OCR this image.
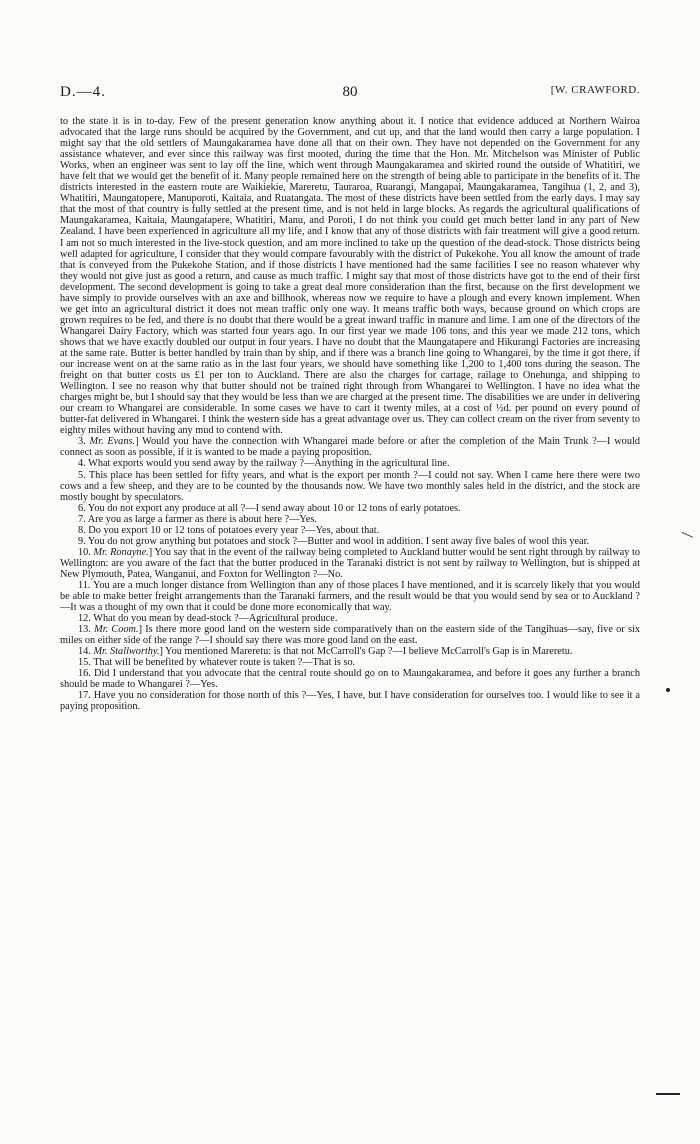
D.—4.	80	[W. CRAWFORD.

to the state it is in to-day. Few of the present generation know anything about it. I notice that evidence adduced at Northern Wairoa advocated that the large runs should be acquired by the Government, and cut up, and that the land would then carry a large population. I might say that the old settlers of Maungakaramea have done all that on their own. They have not depended on the Government for any assistance whatever, and ever since this railway was first mooted, during the time that the Hon. Mr. Mitchelson was Minister of Public Works, when an engineer was sent to lay off the line, which went through Maungakaramea and skirted round the outside of Whatitiri, we have felt that we would get the benefit of it. Many people remained here on the strength of being able to participate in the benefits of it. The districts interested in the eastern route are Waikiekie, Mareretu, Tauraroa, Ruarangi, Mangapai, Maungakaramea, Tangihua (1, 2, and 3), Whatitiri, Maungatopere, Manuporoti, Kaitaia, and Ruatangata. The most of these districts have been settled from the early days. I may say that the most of that country is fully settled at the present time, and is not held in large blocks. As regards the agricultural qualifications of Maungakaramea, Kaitaia, Maungatapere, Whatitiri, Manu, and Poroti, I do not think you could get much better land in any part of New Zealand. I have been experienced in agriculture all my life, and I know that any of those districts with fair treatment will give a good return. I am not so much interested in the live-stock question, and am more inclined to take up the question of the dead-stock. Those districts being well adapted for agriculture, I consider that they would compare favourably with the district of Pukekohe. You all know the amount of trade that is conveyed from the Pukekohe Station, and if those districts I have mentioned had the same facilities I see no reason whatever why they would not give just as good a return, and cause as much traffic. I might say that most of those districts have got to the end of their first development. The second development is going to take a great deal more consideration than the first, because on the first development we have simply to provide ourselves with an axe and billhook, whereas now we require to have a plough and every known implement. When we get into an agricultural district it does not mean traffic only one way. It means traffic both ways, because ground on which crops are grown requires to be fed, and there is no doubt that there would be a great inward traffic in manure and lime. I am one of the directors of the Whangarei Dairy Factory, which was started four years ago. In our first year we made 106 tons, and this year we made 212 tons, which shows that we have exactly doubled our output in four years. I have no doubt that the Maungatapere and Hikurangi Factories are increasing at the same rate. Butter is better handled by train than by ship, and if there was a branch line going to Whangarei, by the time it got there, if our increase went on at the same ratio as in the last four years, we should have something like 1,200 to 1,400 tons during the season. The freight on that butter costs us £1 per ton to Auckland. There are also the charges for cartage, railage to Onehunga, and shipping to Wellington. I see no reason why that butter should not be trained right through from Whangarei to Wellington. I have no idea what the charges might be, but I should say that they would be less than we are charged at the present time. The disabilities we are under in delivering our cream to Whangarei are considerable. In some cases we have to cart it twenty miles, at a cost of ½d. per pound on every pound of butter-fat delivered in Whangarei. I think the western side has a great advantage over us. They can collect cream on the river from seventy to eighty miles without having any mud to contend with.

3. Mr. Evans.] Would you have the connection with Whangarei made before or after the completion of the Main Trunk ?—I would connect as soon as possible, if it is wanted to be made a paying proposition.

4. What exports would you send away by the railway ?—Anything in the agricultural line.

5. This place has been settled for fifty years, and what is the export per month ?—I could not say. When I came here there were two cows and a few sheep, and they are to be counted by the thousands now. We have two monthly sales held in the district, and the stock are mostly bought by speculators.

6. You do not export any produce at all ?—I send away about 10 or 12 tons of early potatoes.

7. Are you as large a farmer as there is about here ?—Yes.

8. Do you export 10 or 12 tons of potatoes every year ?—Yes, about that.

9. You do not grow anything but potatoes and stock ?—Butter and wool in addition. I sent away five bales of wool this year.

10. Mr. Ronayne.] You say that in the event of the railway being completed to Auckland butter would be sent right through by railway to Wellington: are you aware of the fact that the butter produced in the Taranaki district is not sent by railway to Wellington, but is shipped at New Plymouth, Patea, Wanganui, and Foxton for Wellington ?—No.

11. You are a much longer distance from Wellington than any of those places I have mentioned, and it is scarcely likely that you would be able to make better freight arrangements than the Taranaki farmers, and the result would be that you would send by sea or to Auckland ?—It was a thought of my own that it could be done more economically that way.

12. What do you mean by dead-stock ?—Agricultural produce.

13. Mr. Coom.] Is there more good land on the western side comparatively than on the eastern side of the Tangihuas—say, five or six miles on either side of the range ?—I should say there was more good land on the east.

14. Mr. Stallworthy.] You mentioned Mareretu: is that not McCarroll's Gap ?—I believe McCarroll's Gap is in Mareretu.

15. That will be benefited by whatever route is taken ?—That is so.

16. Did I understand that you advocate that the central route should go on to Maungakaramea, and before it goes any further a branch should be made to Whangarei ?—Yes.

17. Have you no consideration for those north of this ?—Yes, I have, but I have consideration for ourselves too. I would like to see it a paying proposition.
